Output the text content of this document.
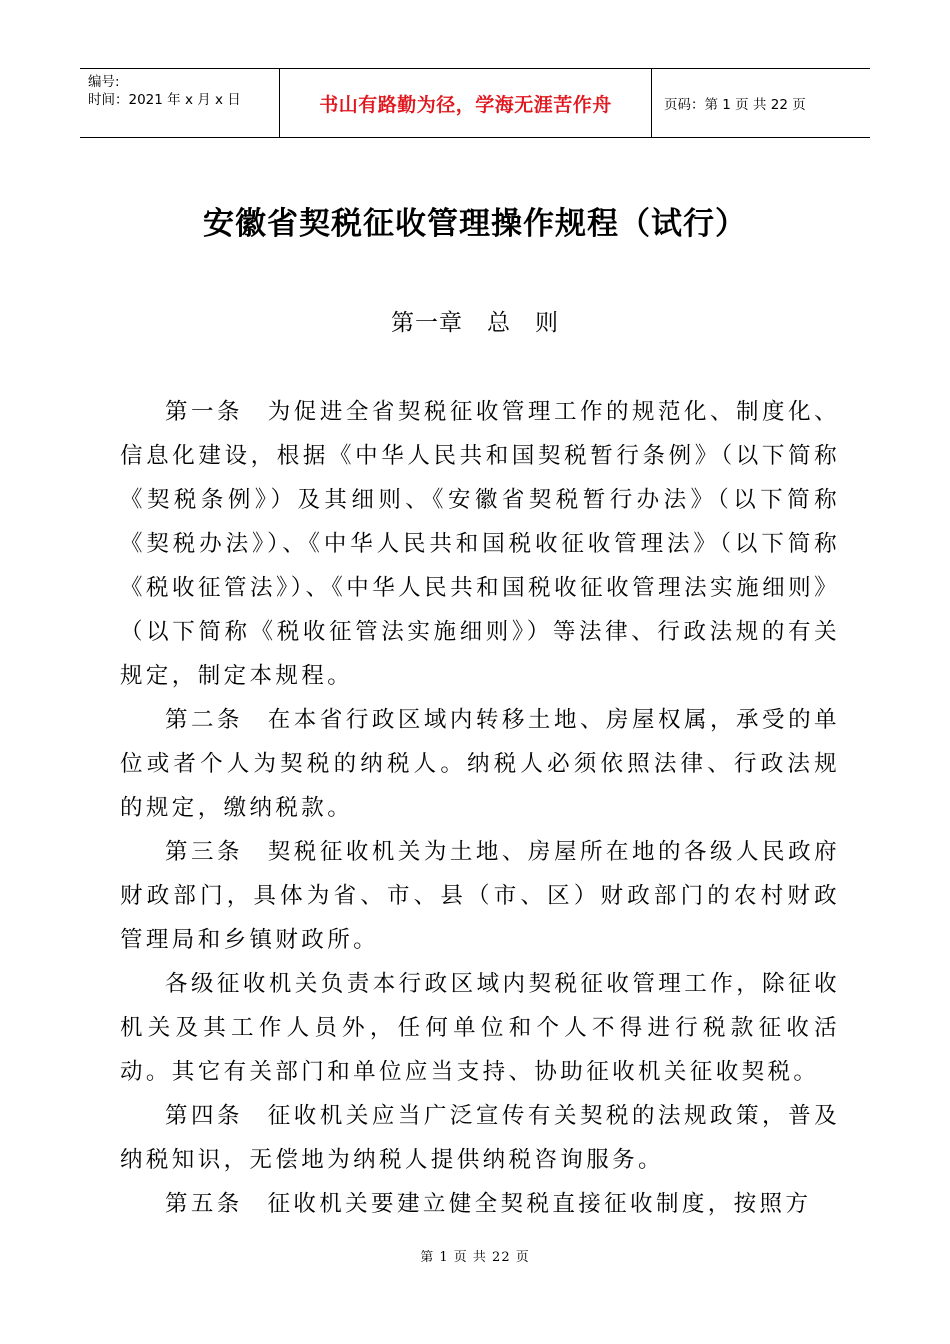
编号:
时间：2021 年 x 月 x 日	书山有路勤为径，学海无涯苦作舟	页码：第 1 页 共 22 页
安徽省契税征收管理操作规程（试行）
第一章　总　则

第一条 为促进全省契税征收管理工作的规范化、制度化、信息化建设，根据《中华人民共和国契税暂行条例》（以下简称《契税条例》）及其细则、《安徽省契税暂行办法》（以下简称《契税办法》）、《中华人民共和国税收征收管理法》（以下简称《税收征管法》）、《中华人民共和国税收征收管理法实施细则》（以下简称《税收征管法实施细则》）等法律、行政法规的有关规定，制定本规程。

第二条 在本省行政区域内转移土地、房屋权属，承受的单位或者个人为契税的纳税人。纳税人必须依照法律、行政法规的规定，缴纳税款。

第三条 契税征收机关为土地、房屋所在地的各级人民政府财政部门，具体为省、市、县（市、区）财政部门的农村财政管理局和乡镇财政所。

各级征收机关负责本行政区域内契税征收管理工作，除征收机关及其工作人员外，任何单位和个人不得进行税款征收活动。其它有关部门和单位应当支持、协助征收机关征收契税。

第四条 征收机关应当广泛宣传有关契税的法规政策，普及纳税知识，无偿地为纳税人提供纳税咨询服务。

第五条 征收机关要建立健全契税直接征收制度，按照方

第 1 页 共 22 页
